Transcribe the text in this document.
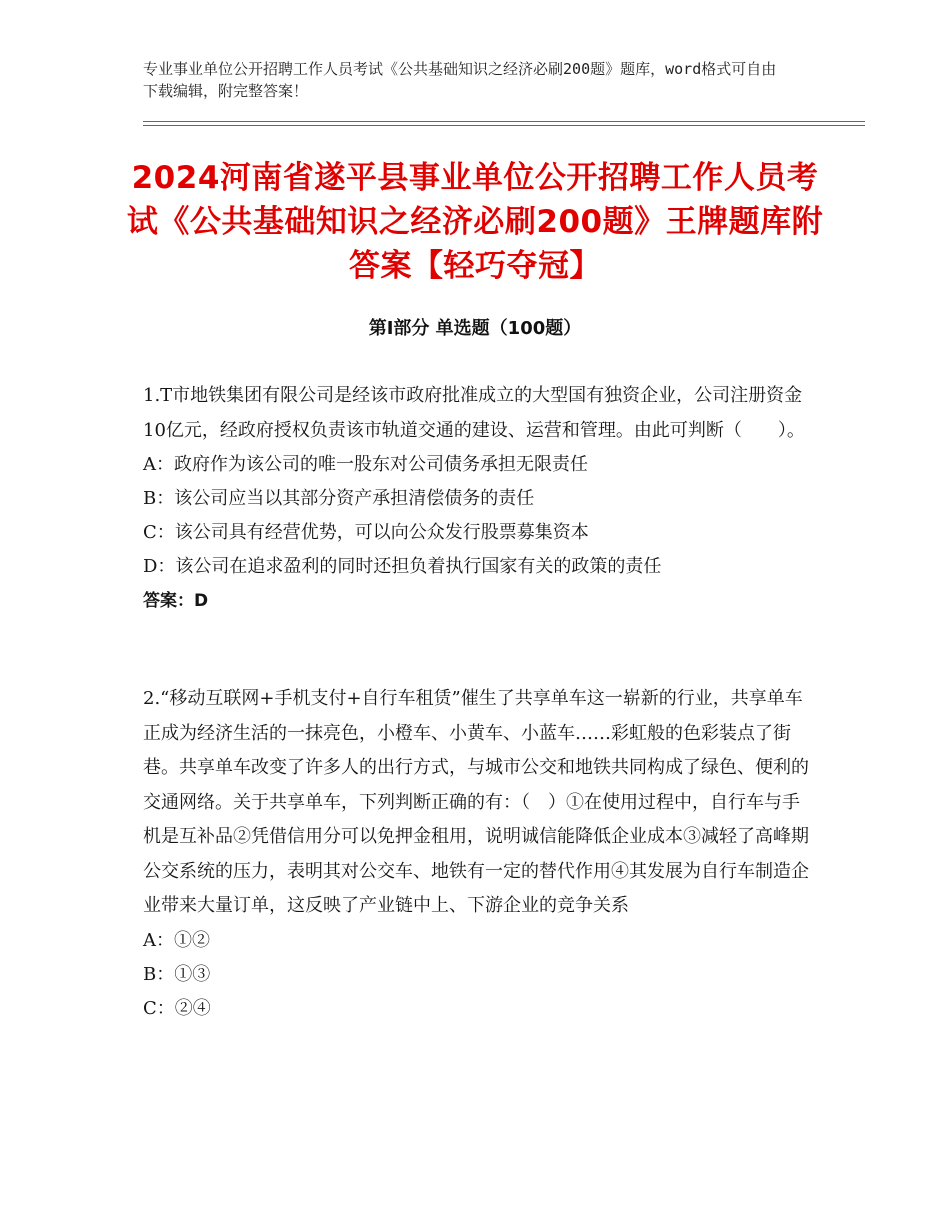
专业事业单位公开招聘工作人员考试《公共基础知识之经济必刷200题》题库，word格式可自由下载编辑，附完整答案！
2024河南省遂平县事业单位公开招聘工作人员考试《公共基础知识之经济必刷200题》王牌题库附答案【轻巧夺冠】
第Ⅰ部分 单选题（100题）
1.T市地铁集团有限公司是经该市政府批准成立的大型国有独资企业，公司注册资金10亿元，经政府授权负责该市轨道交通的建设、运营和管理。由此可判断（　　）。
A：政府作为该公司的唯一股东对公司债务承担无限责任
B：该公司应当以其部分资产承担清偿债务的责任
C：该公司具有经营优势，可以向公众发行股票募集资本
D：该公司在追求盈利的同时还担负着执行国家有关的政策的责任
答案：D
2.“移动互联网+手机支付+自行车租赁”催生了共享单车这一崭新的行业，共享单车正成为经济生活的一抹亮色，小橙车、小黄车、小蓝车……彩虹般的色彩装点了街巷。共享单车改变了许多人的出行方式，与城市公交和地铁共同构成了绿色、便利的交通网络。关于共享单车，下列判断正确的有：（　）①在使用过程中，自行车与手机是互补品②凭借信用分可以免押金租用，说明诚信能降低企业成本③减轻了高峰期公交系统的压力，表明其对公交车、地铁有一定的替代作用④其发展为自行车制造企业带来大量订单，这反映了产业链中上、下游企业的竞争关系
A：①②
B：①③
C：②④
